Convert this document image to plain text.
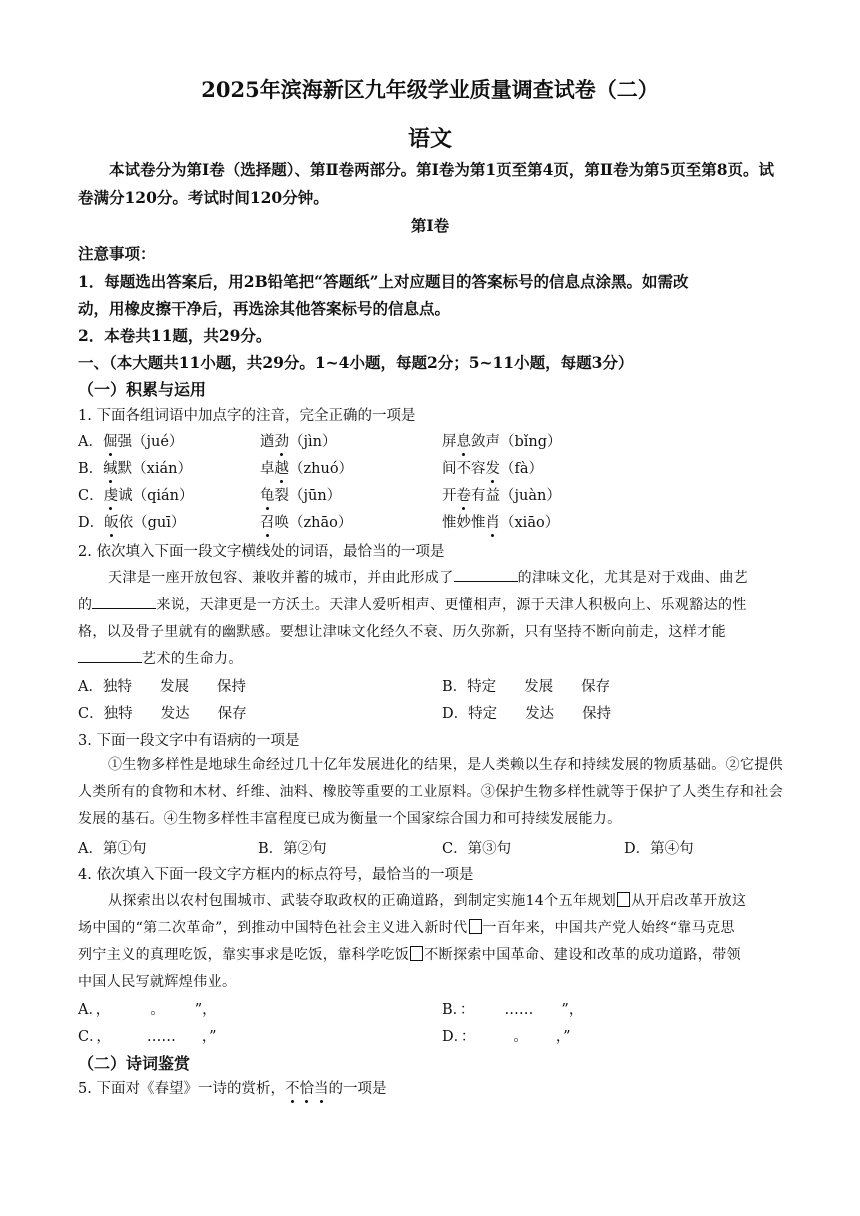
2025年滨海新区九年级学业质量调查试卷（二）
语文
本试卷分为第Ⅰ卷（选择题）、第Ⅱ卷两部分。第Ⅰ卷为第1页至第4页，第Ⅱ卷为第5页至第8页。试卷满分120分。考试时间120分钟。
第Ⅰ卷
注意事项：
1．每题选出答案后，用2B铅笔把“答题纸”上对应题目的答案标号的信息点涂黑。如需改
动，用橡皮擦干净后，再选涂其他答案标号的信息点。
2．本卷共11题，共29分。
一、（本大题共11小题，共29分。1~4小题，每题2分；5~11小题，每题3分）
（一）积累与运用
1. 下面各组词语中加点字的注音，完全正确的一项是
A．倔强（jué）	遒劲（jìn）	屏息敛声（bǐng）
B．缄默（xián）	卓越（zhuó）	间不容发（fà）
C．虔诚（qián）	龟裂（jūn）	开卷有益（juàn）
D．皈依（guī）	召唤（zhāo）	惟妙惟肖（xiāo）
2. 依次填入下面一段文字横线处的词语，最恰当的一项是
天津是一座开放包容、兼收并蓄的城市，并由此形成了	的津味文化，尤其是对于戏曲、曲艺
的	来说，天津更是一方沃土。天津人爱听相声、更懂相声，源于天津人积极向上、乐观豁达的性
格，以及骨子里就有的幽默感。要想让津味文化经久不衰、历久弥新，只有坚持不断向前走，这样才能
艺术的生命力。
A．独特 发展 保持	B．特定 发展 保存
C．独特 发达 保存	D．特定 发达 保持
3. 下面一段文字中有语病的一项是
①生物多样性是地球生命经过几十亿年发展进化的结果，是人类赖以生存和持续发展的物质基础。②它提供人类所有的食物和木材、纤维、油料、橡胶等重要的工业原料。③保护生物多样性就等于保护了人类生存和社会发展的基石。④生物多样性丰富程度已成为衡量一个国家综合国力和可持续发展能力。
A．第①句	B．第②句	C．第③句	D．第④句
4. 依次填入下面一段文字方框内的标点符号，最恰当的一项是
从探索出以农村包围城市、武装夺取政权的正确道路，到制定实施14个五年规划 从开启改革开放这
场中国的“第二次革命”，到推动中国特色社会主义进入新时代 一百年来，中国共产党人始终“靠马克思
列宁主义的真理吃饭，靠实事求是吃饭，靠科学吃饭 不断探索中国革命、建设和改革的成功道路，带领
中国人民写就辉煌伟业。
A．，	。 ”，	B．： …… ”，
C．， …… ，”	D．：	。 ，”
（二）诗词鉴赏
5. 下面对《春望》一诗的赏析，不恰当的一项是
